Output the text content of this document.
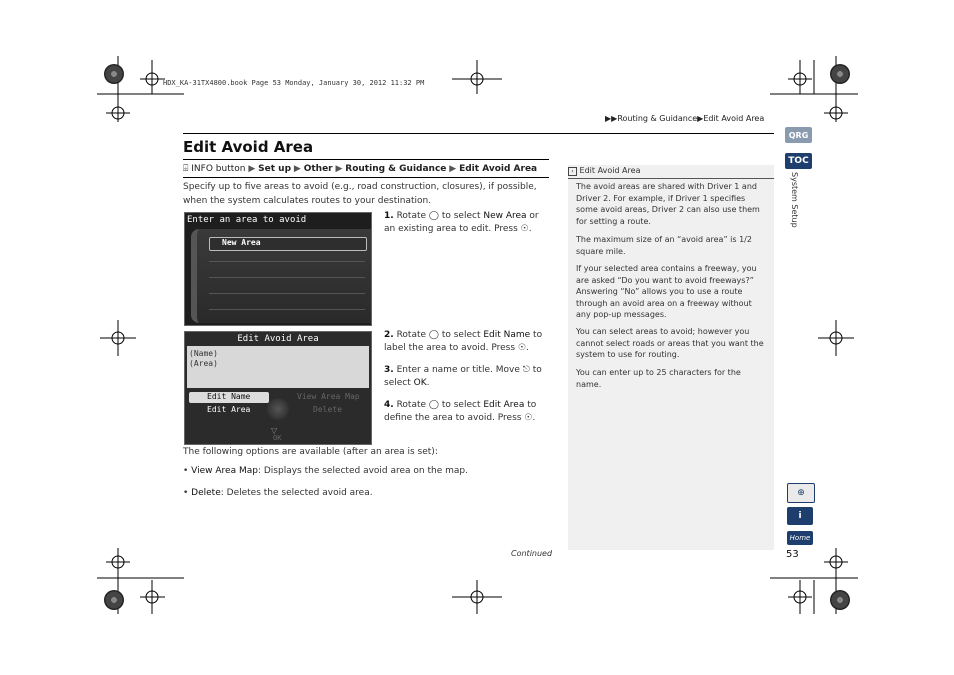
HDX_KA-31TX4800.book Page 53 Monday, January 30, 2012 11:32 PM
▶▶Routing & Guidance▶Edit Avoid Area
Edit Avoid Area
⌹ INFO button ▶ Set up ▶ Other ▶ Routing & Guidance ▶ Edit Avoid Area
Specify up to five areas to avoid (e.g., road construction, closures), if possible, when the system calculates routes to your destination.
Enter an area to avoid
New Area
Edit Avoid Area
(Name)
(Area)
Edit Name
Edit Area
View Area Map
Delete
▽
OK
1. Rotate ◯ to select New Area or an existing area to edit. Press ☉.
2. Rotate ◯ to select Edit Name to label the area to avoid. Press ☉.
3. Enter a name or title. Move ⎋ to select OK.
4. Rotate ◯ to select Edit Area to define the area to avoid. Press ☉.
The following options are available (after an area is set):
• View Area Map: Displays the selected avoid area on the map.
• Delete: Deletes the selected avoid area.
Continued
› Edit Avoid Area
The avoid areas are shared with Driver 1 and Driver 2. For example, if Driver 1 specifies some avoid areas, Driver 2 can also use them for setting a route.
The maximum size of an “avoid area” is 1/2 square mile.
If your selected area contains a freeway, you are asked “Do you want to avoid freeways?” Answering “No” allows you to use a route through an avoid area on a freeway without any pop-up messages.
You can select areas to avoid; however you cannot select roads or areas that you want the system to use for routing.
You can enter up to 25 characters for the name.
QRG
TOC
System Setup
⊕
i
Home
53
